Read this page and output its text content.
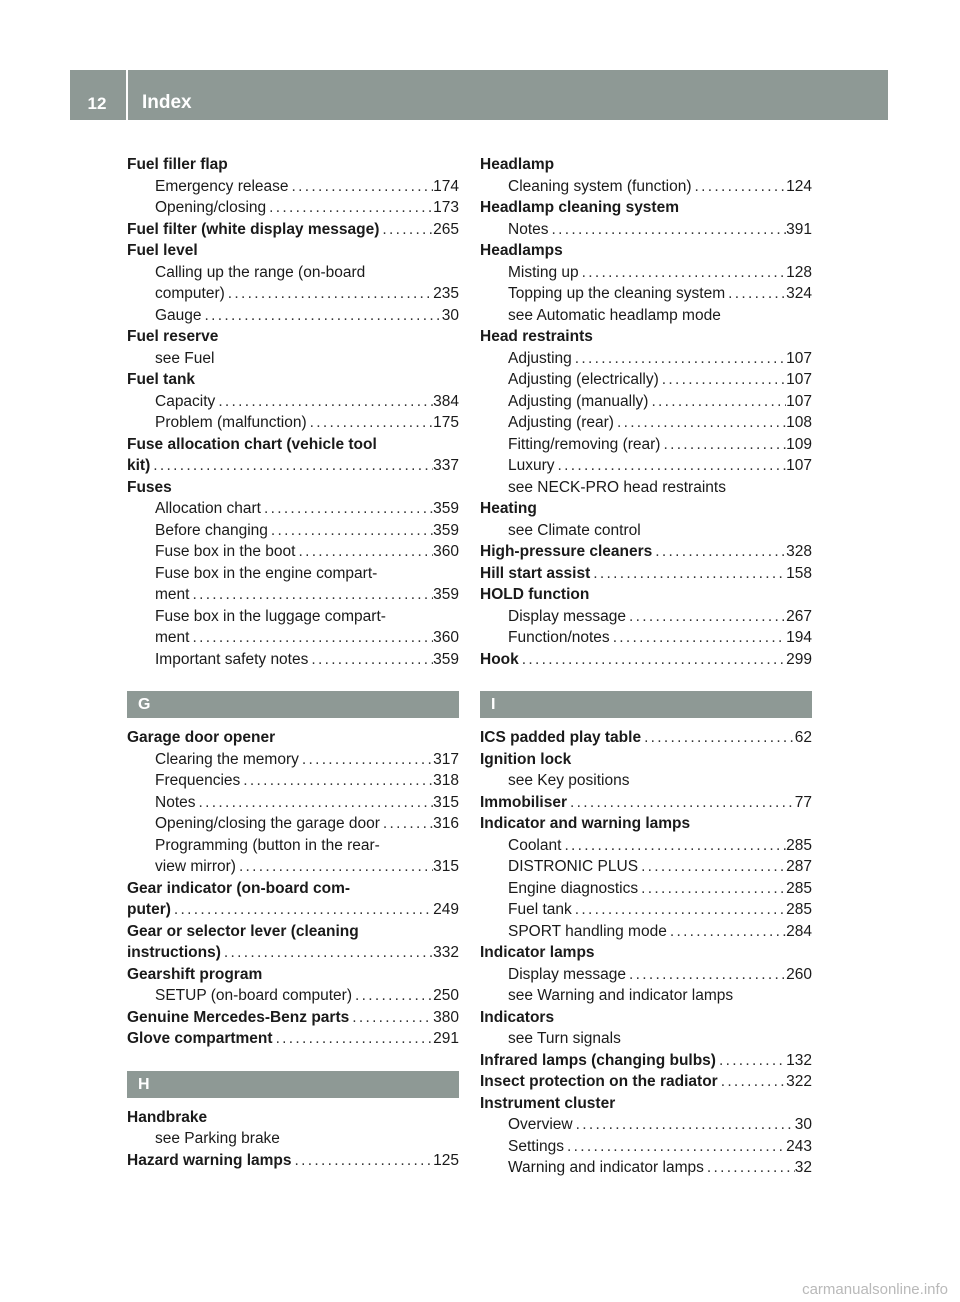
12	Index
Fuel filler flap
Emergency release . . .	174
Opening/closing . . .	173
Fuel filter (white display message) . . .	265
Fuel level
Calling up the range (on-board
computer) . . .	235
Gauge . . .	30
Fuel reserve
see Fuel
Fuel tank
Capacity . . .	384
Problem (malfunction) . . .	175
Fuse allocation chart (vehicle tool
kit) . . .	337
Fuses
Allocation chart . . .	359
Before changing . . .	359
Fuse box in the boot . . .	360
Fuse box in the engine compart-
ment . . .	359
Fuse box in the luggage compart-
ment . . .	360
Important safety notes . . .	359
G
Garage door opener
Clearing the memory . . .	317
Frequencies . . .	318
Notes . . .	315
Opening/closing the garage door . . .	316
Programming (button in the rear-
view mirror) . . .	315
Gear indicator (on-board com-
puter) . . .	249
Gear or selector lever (cleaning
instructions) . . .	332
Gearshift program
SETUP (on-board computer) . . .	250
Genuine Mercedes-Benz parts . . .	380
Glove compartment . . .	291
H
Handbrake
see Parking brake
Hazard warning lamps . . .	125
Headlamp
Cleaning system (function) . . .	124
Headlamp cleaning system
Notes . . .	391
Headlamps
Misting up . . .	128
Topping up the cleaning system . . .	324
see Automatic headlamp mode
Head restraints
Adjusting . . .	107
Adjusting (electrically) . . .	107
Adjusting (manually) . . .	107
Adjusting (rear) . . .	108
Fitting/removing (rear) . . .	109
Luxury . . .	107
see NECK-PRO head restraints
Heating
see Climate control
High-pressure cleaners . . .	328
Hill start assist . . .	158
HOLD function
Display message . . .	267
Function/notes . . .	194
Hook . . .	299
I
ICS padded play table . . .	62
Ignition lock
see Key positions
Immobiliser . . .	77
Indicator and warning lamps
Coolant . . .	285
DISTRONIC PLUS . . .	287
Engine diagnostics . . .	285
Fuel tank . . .	285
SPORT handling mode . . .	284
Indicator lamps
Display message . . .	260
see Warning and indicator lamps
Indicators
see Turn signals
Infrared lamps (changing bulbs) . . .	132
Insect protection on the radiator . . .	322
Instrument cluster
Overview . . .	30
Settings . . .	243
Warning and indicator lamps . . .	32
carmanualsonline.info
